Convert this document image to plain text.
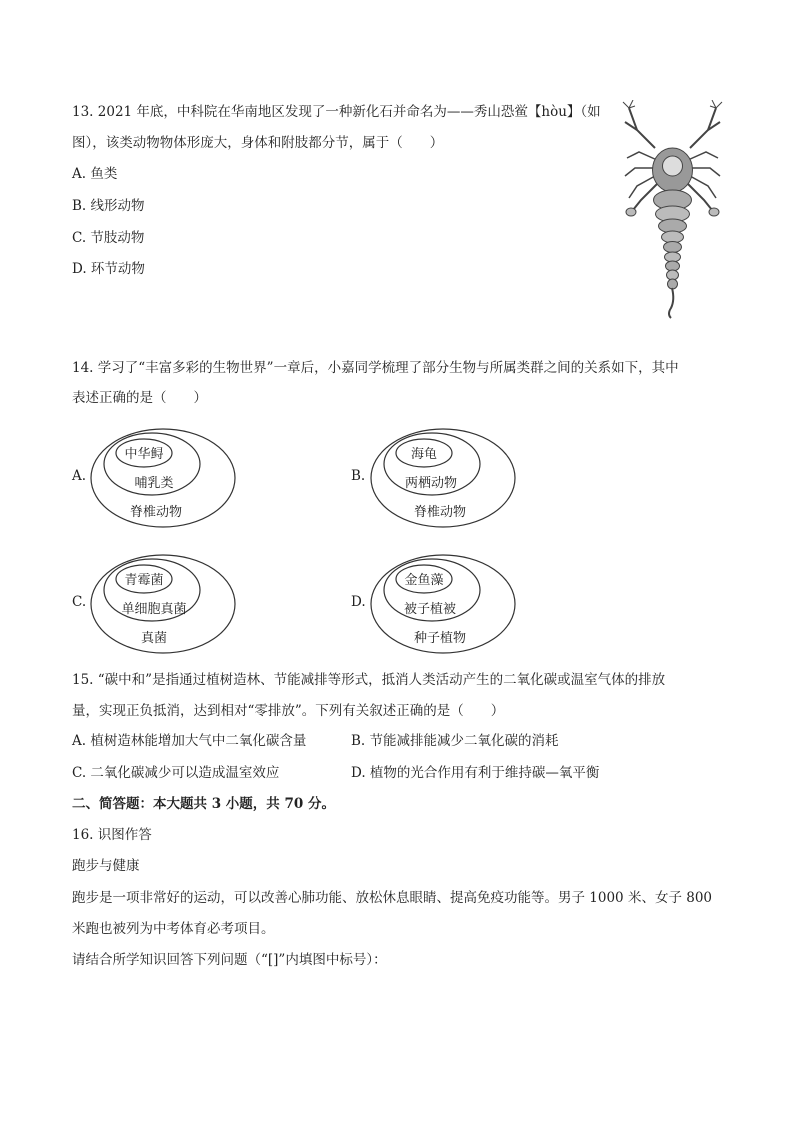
13. 2021 年底，中科院在华南地区发现了一种新化石并命名为——秀山恐鲎【hòu】（如
图），该类动物物体形庞大，身体和附肢都分节，属于（　　）
A. 鱼类
B. 线形动物
C. 节肢动物
D. 环节动物
14. 学习了“丰富多彩的生物世界”一章后，小嘉同学梳理了部分生物与所属类群之间的关系如下，其中
表述正确的是（　　）
A.
中华鲟
哺乳类
脊椎动物
B.
海龟
两栖动物
脊椎动物
C.
青霉菌
单细胞真菌
真菌
D.
金鱼藻
被子植被
种子植物
15. “碳中和”是指通过植树造林、节能减排等形式，抵消人类活动产生的二氧化碳或温室气体的排放
量，实现正负抵消，达到相对“零排放”。下列有关叙述正确的是（　　）
A. 植树造林能增加大气中二氧化碳含量	B. 节能减排能减少二氧化碳的消耗
C. 二氧化碳减少可以造成温室效应	D. 植物的光合作用有利于维持碳—氧平衡
二、简答题：本大题共 3 小题，共 70 分。
16. 识图作答
跑步与健康
跑步是一项非常好的运动，可以改善心肺功能、放松休息眼睛、提高免疫功能等。男子 1000 米、女子 800
米跑也被列为中考体育必考项目。
请结合所学知识回答下列问题（“[]”内填图中标号）：
